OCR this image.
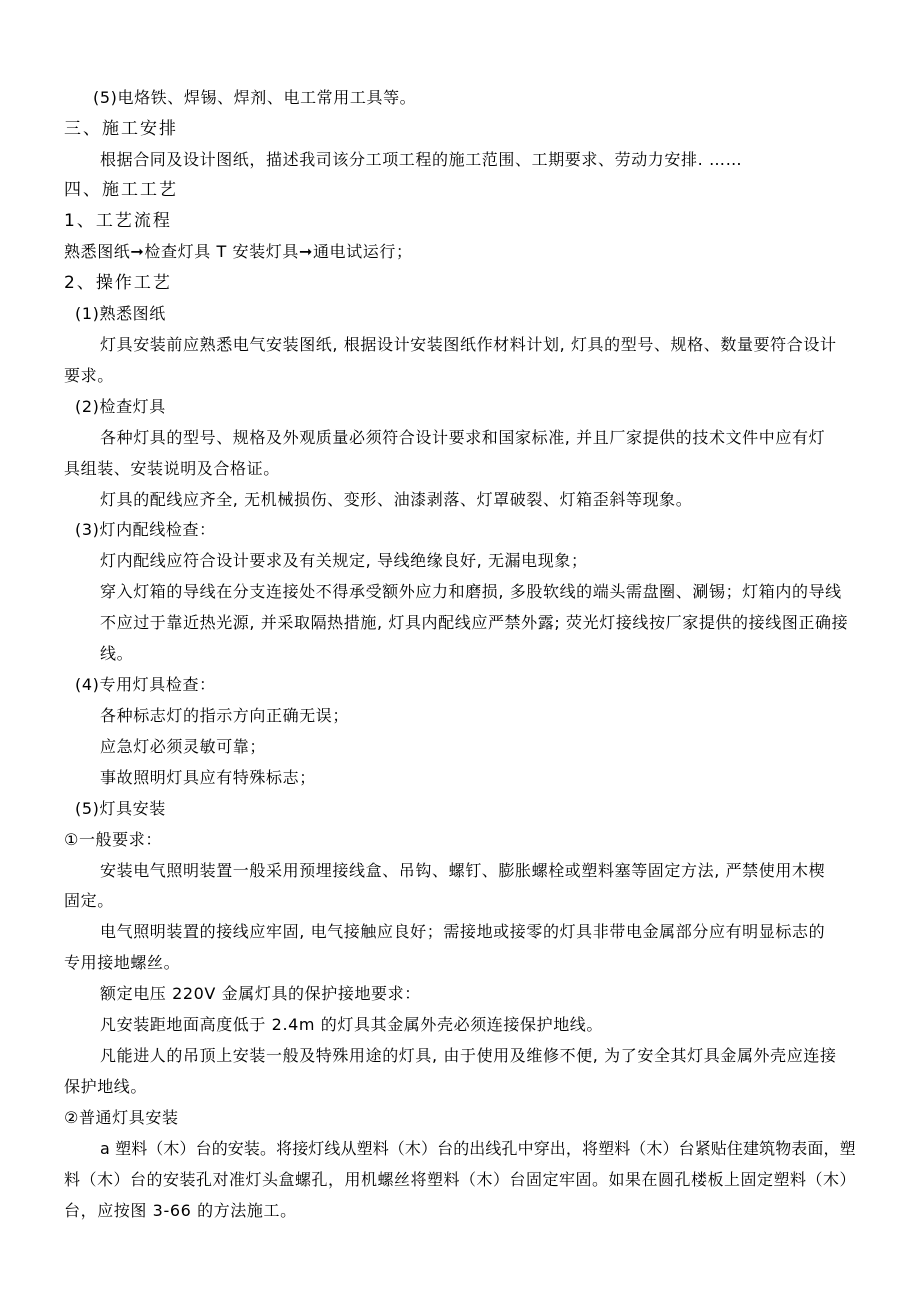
(5)电烙铁、焊锡、焊剂、电工常用工具等。
三、施工安排
根据合同及设计图纸，描述我司该分工项工程的施工范围、工期要求、劳动力安排. ……
四、施工工艺
1、工艺流程
熟悉图纸➞检查灯具 T 安装灯具➞通电试运行；
2、操作工艺
(1)熟悉图纸
灯具安装前应熟悉电气安装图纸, 根据设计安装图纸作材料计划, 灯具的型号、规格、数量要符合设计
要求。
(2)检查灯具
各种灯具的型号、规格及外观质量必须符合设计要求和国家标准, 并且厂家提供的技术文件中应有灯
具组装、安装说明及合格证。
灯具的配线应齐全, 无机械损伤、变形、油漆剥落、灯罩破裂、灯箱歪斜等现象。
(3)灯内配线检查：
灯内配线应符合设计要求及有关规定, 导线绝缘良好, 无漏电现象；
穿入灯箱的导线在分支连接处不得承受额外应力和磨损, 多股软线的端头需盘圈、涮锡；灯箱内的导线
不应过于靠近热光源, 并采取隔热措施, 灯具内配线应严禁外露; 荧光灯接线按厂家提供的接线图正确接
线。
(4)专用灯具检查：
各种标志灯的指示方向正确无误；
应急灯必须灵敏可靠；
事故照明灯具应有特殊标志；
(5)灯具安装
①一般要求：
安装电气照明装置一般采用预埋接线盒、吊钩、螺钉、膨胀螺栓或塑料塞等固定方法, 严禁使用木楔
固定。
电气照明装置的接线应牢固, 电气接触应良好；需接地或接零的灯具非带电金属部分应有明显标志的
专用接地螺丝。
额定电压 220V 金属灯具的保护接地要求：
凡安装距地面高度低于 2.4m 的灯具其金属外壳必须连接保护地线。
凡能进人的吊顶上安装一般及特殊用途的灯具, 由于使用及维修不便, 为了安全其灯具金属外壳应连接
保护地线。
②普通灯具安装
a 塑料（木）台的安装。将接灯线从塑料（木）台的出线孔中穿出，将塑料（木）台紧贴住建筑物表面，塑
料（木）台的安装孔对准灯头盒螺孔，用机螺丝将塑料（木）台固定牢固。如果在圆孔楼板上固定塑料（木）
台，应按图 3-66 的方法施工。
